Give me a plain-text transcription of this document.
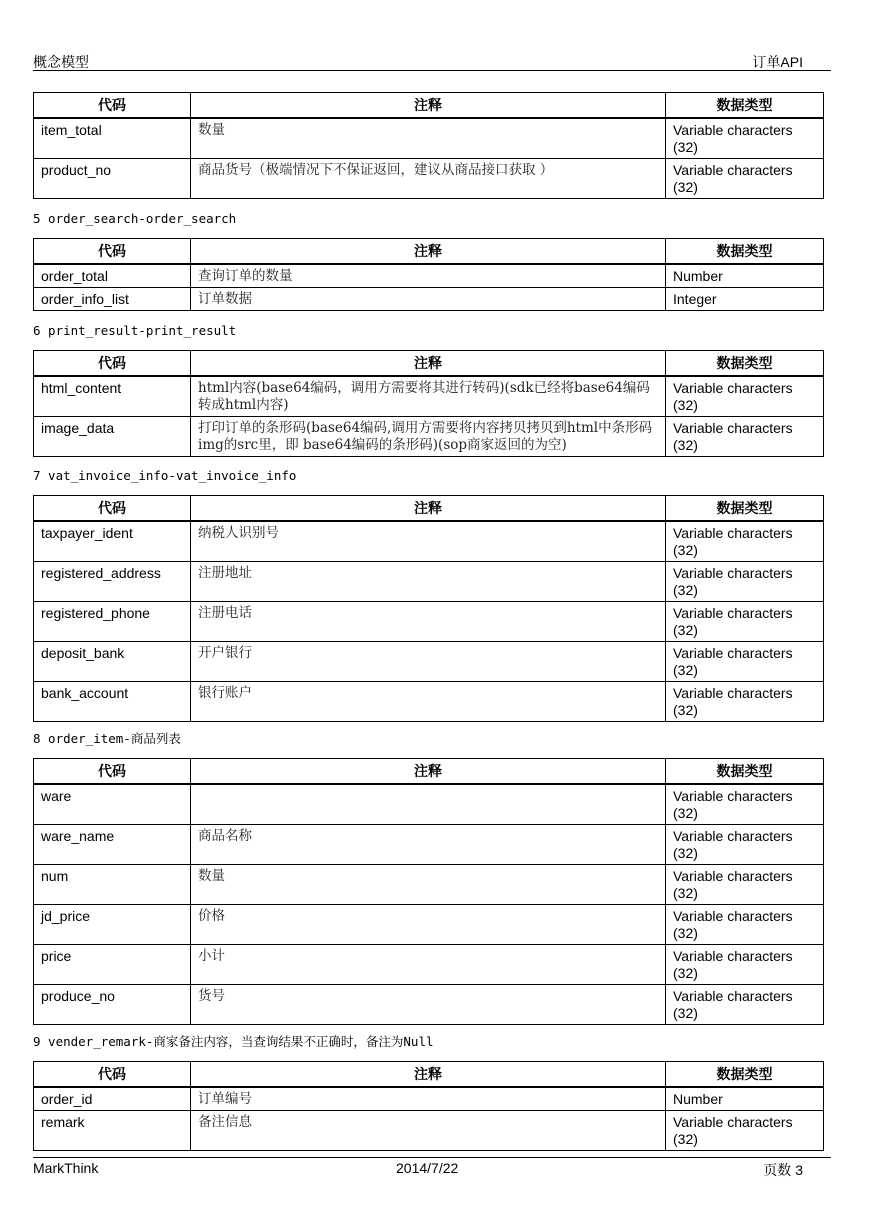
概念模型	订单API
代码	注释	数据类型
item_total	数量	Variable characters (32)
product_no	商品货号（极端情况下不保证返回，建议从商品接口获取 ）	Variable characters (32)
5 order_search-order_search
代码	注释	数据类型
order_total	查询订单的数量	Number
order_info_list	订单数据	Integer
6 print_result-print_result
代码	注释	数据类型
html_content	html内容(base64编码，调用方需要将其进行转码)(sdk已经将base64编码转成html内容)	Variable characters (32)
image_data	打印订单的条形码(base64编码,调用方需要将内容拷贝拷贝到html中条形码 img的src里，即 base64编码的条形码)(sop商家返回的为空)	Variable characters (32)
7 vat_invoice_info-vat_invoice_info
代码	注释	数据类型
taxpayer_ident	纳税人识别号	Variable characters (32)
registered_address	注册地址	Variable characters (32)
registered_phone	注册电话	Variable characters (32)
deposit_bank	开户银行	Variable characters (32)
bank_account	银行账户	Variable characters (32)
8 order_item-商品列表
代码	注释	数据类型
ware		Variable characters (32)
ware_name	商品名称	Variable characters (32)
num	数量	Variable characters (32)
jd_price	价格	Variable characters (32)
price	小计	Variable characters (32)
produce_no	货号	Variable characters (32)
9 vender_remark-商家备注内容，当查询结果不正确时，备注为Null
代码	注释	数据类型
order_id	订单编号	Number
remark	备注信息	Variable characters (32)
MarkThink	2014/7/22	页数 3
